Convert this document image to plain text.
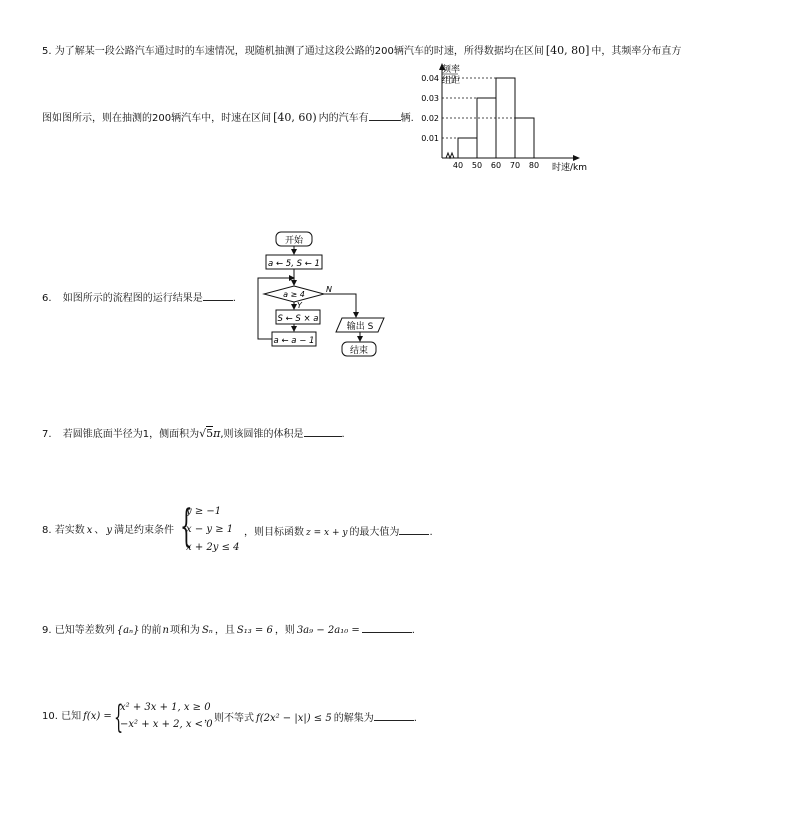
5. 为了解某一段公路汽车通过时的车速情况，现随机抽测了通过这段公路的200辆汽车的时速，所得数据均在区间 [40, 80] 中，其频率分布直方
图如图所示，则在抽测的200辆汽车中，时速在区间 [40, 60) 内的汽车有	辆.
0.01
0.02
0.03
0.04
40 50 60 70 80
频率
组距
时速/km
6. 如图所示的流程图的运行结果是	.
开始
a ← 5, S ← 1
a ≥ 4
N
Y
S ← S × a
a ← a − 1
输出 S
结束
7. 若圆锥底面半径为1，侧面积为√5π,则该圆锥的体积是	.
8. 若实数 x 、 y 满足约束条件 {
y ≥ −1
x − y ≥ 1
x + 2y ≤ 4
，则目标函数 z = x + y 的最大值为	.
9. 已知等差数列 {aₙ} 的前n项和为 Sₙ ，且 S₁₃ = 6 ，则 3a₉ − 2a₁₀ =	.
10. 已知 f(x) = {
x² + 3x + 1, x ≥ 0
−x² + x + 2, x < 0
，则不等式 f(2x² − |x|) ≤ 5 的解集为	.
